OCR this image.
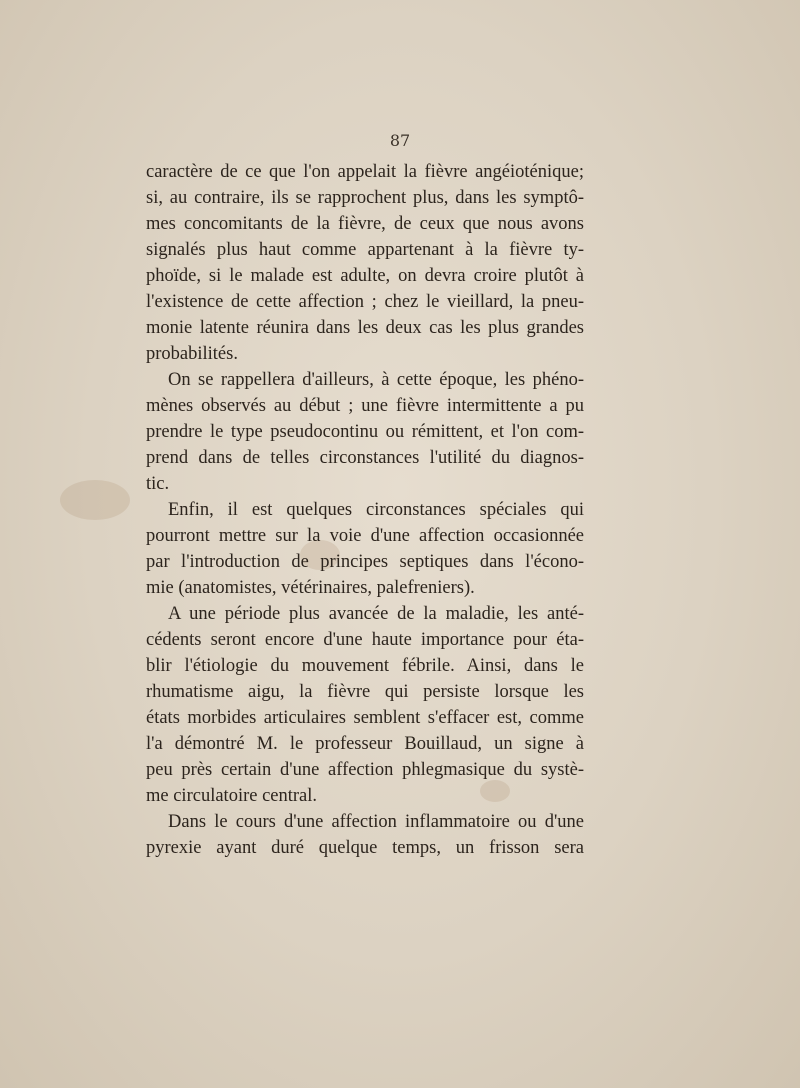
87
caractère de ce que l'on appelait la fièvre angéioténique;
si, au contraire, ils se rapprochent plus, dans les symptô-
mes concomitants de la fièvre, de ceux que nous avons
signalés plus haut comme appartenant à la fièvre ty-
phoïde, si le malade est adulte, on devra croire plutôt à
l'existence de cette affection ; chez le vieillard, la pneu-
monie latente réunira dans les deux cas les plus grandes
probabilités.
On se rappellera d'ailleurs, à cette époque, les phéno-
mènes observés au début ; une fièvre intermittente a pu
prendre le type pseudocontinu ou rémittent, et l'on com-
prend dans de telles circonstances l'utilité du diagnos-
tic.
Enfin, il est quelques circonstances spéciales qui
pourront mettre sur la voie d'une affection occasionnée
par l'introduction de principes septiques dans l'écono-
mie (anatomistes, vétérinaires, palefreniers).
A une période plus avancée de la maladie, les anté-
cédents seront encore d'une haute importance pour éta-
blir l'étiologie du mouvement fébrile. Ainsi, dans le
rhumatisme aigu, la fièvre qui persiste lorsque les
états morbides articulaires semblent s'effacer est, comme
l'a démontré M. le professeur Bouillaud, un signe à
peu près certain d'une affection phlegmasique du systè-
me circulatoire central.
Dans le cours d'une affection inflammatoire ou d'une
pyrexie ayant duré quelque temps, un frisson sera
